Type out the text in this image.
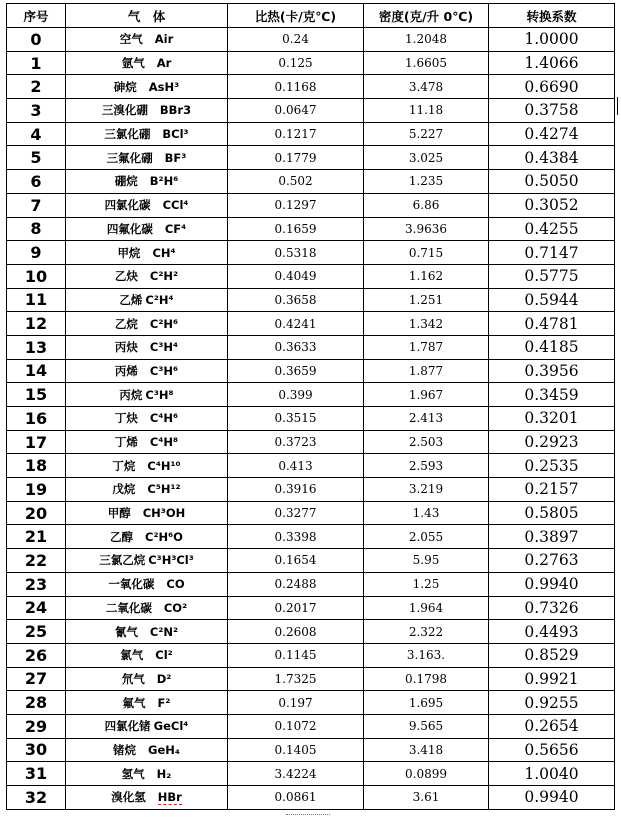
序号	气　体	比热(卡/克℃)	密度(克/升 0℃)	转换系数
0	空气 Air	0.24	1.2048	1.0000
1	氩气 Ar	0.125	1.6605	1.4066
2	砷烷 AsH³	0.1168	3.478	0.6690
3	三溴化硼 BBr3	0.0647	11.18	0.3758
4	三氯化硼 BCl³	0.1217	5.227	0.4274
5	三氟化硼 BF³	0.1779	3.025	0.4384
6	硼烷 B²H⁶	0.502	1.235	0.5050
7	四氯化碳 CCl⁴	0.1297	6.86	0.3052
8	四氟化碳 CF⁴	0.1659	3.9636	0.4255
9	甲烷 CH⁴	0.5318	0.715	0.7147
10	乙炔 C²H²	0.4049	1.162	0.5775
11	乙烯 C²H⁴	0.3658	1.251	0.5944
12	乙烷 C²H⁶	0.4241	1.342	0.4781
13	丙炔 C³H⁴	0.3633	1.787	0.4185
14	丙烯 C³H⁶	0.3659	1.877	0.3956
15	丙烷 C³H⁸	0.399	1.967	0.3459
16	丁炔 C⁴H⁶	0.3515	2.413	0.3201
17	丁烯 C⁴H⁸	0.3723	2.503	0.2923
18	丁烷 C⁴H¹⁰	0.413	2.593	0.2535
19	戊烷 C⁵H¹²	0.3916	3.219	0.2157
20	甲醇 CH³OH	0.3277	1.43	0.5805
21	乙醇 C²H⁶O	0.3398	2.055	0.3897
22	三氯乙烷 C³H³Cl³	0.1654	5.95	0.2763
23	一氧化碳 CO	0.2488	1.25	0.9940
24	二氧化碳 CO²	0.2017	1.964	0.7326
25	氰气 C²N²	0.2608	2.322	0.4493
26	氯气 Cl²	0.1145	3.163.	0.8529
27	氘气 D²	1.7325	0.1798	0.9921
28	氟气 F²	0.197	1.695	0.9255
29	四氯化锗 GeCl⁴	0.1072	9.565	0.2654
30	锗烷 GeH₄	0.1405	3.418	0.5656
31	氢气 H₂	3.4224	0.0899	1.0040
32	溴化氢 HBr	0.0861	3.61	0.9940
